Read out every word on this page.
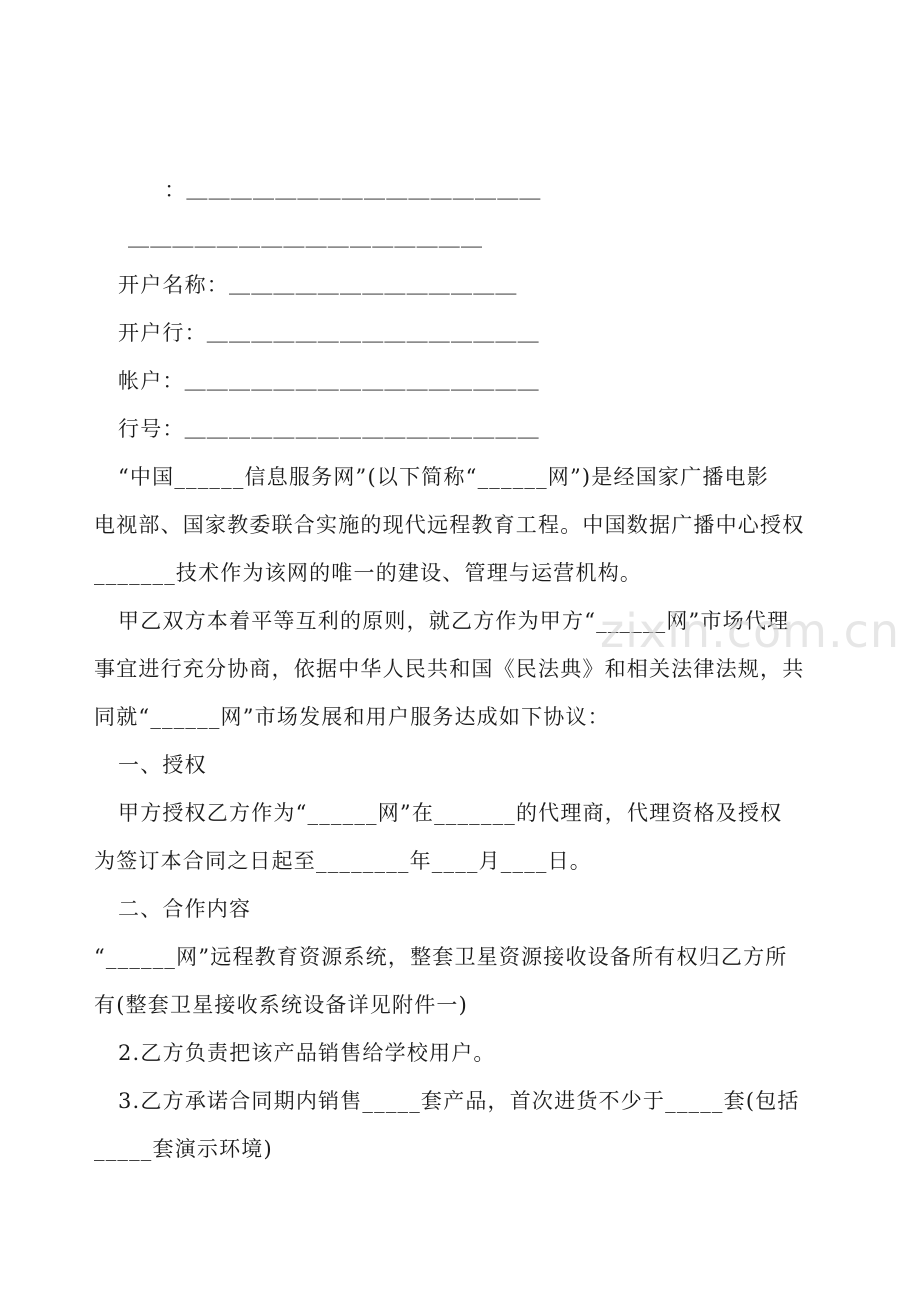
　：＿＿＿＿＿＿＿＿＿＿＿＿＿＿＿＿
＿＿＿＿＿＿＿＿＿＿＿＿＿＿＿＿
开户名称：＿＿＿＿＿＿＿＿＿＿＿＿＿
开户行：＿＿＿＿＿＿＿＿＿＿＿＿＿＿＿
帐户：＿＿＿＿＿＿＿＿＿＿＿＿＿＿＿＿
行号：＿＿＿＿＿＿＿＿＿＿＿＿＿＿＿＿
“中国______信息服务网”(以下简称“______网”)是经国家广播电影
电视部、国家教委联合实施的现代远程教育工程。中国数据广播中心授权
_______技术作为该网的唯一的建设、管理与运营机构。
甲乙双方本着平等互利的原则，就乙方作为甲方“______网”市场代理
事宜进行充分协商，依据中华人民共和国《民法典》和相关法律法规，共
同就“______网”市场发展和用户服务达成如下协议：
一、授权
甲方授权乙方作为“______网”在_______的代理商，代理资格及授权
为签订本合同之日起至________年____月____日。
二、合作内容
“______网”远程教育资源系统，整套卫星资源接收设备所有权归乙方所
有(整套卫星接收系统设备详见附件一)
2.乙方负责把该产品销售给学校用户。
3.乙方承诺合同期内销售_____套产品，首次进货不少于_____套(包括
_____套演示环境)
zixin.com.cn
